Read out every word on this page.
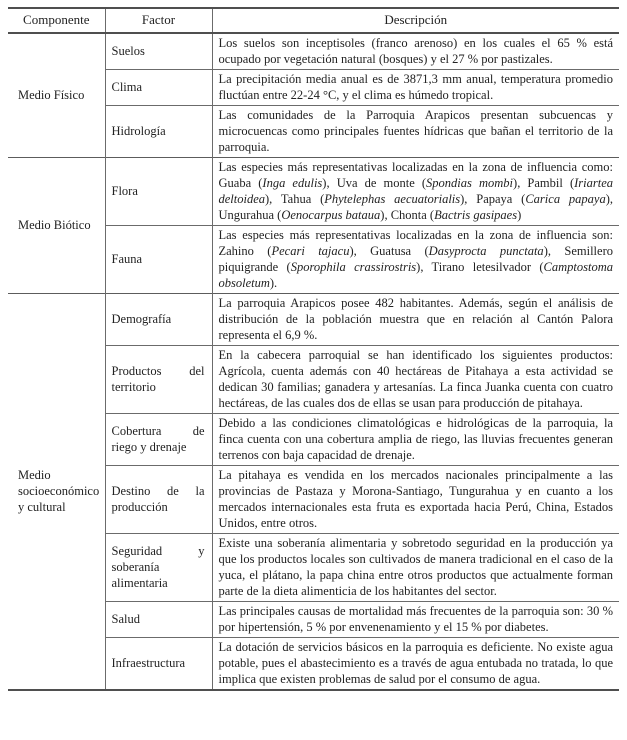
Componente	Factor	Descripción
Medio Físico	Suelos	Los suelos son inceptisoles (franco arenoso) en los cuales el 65 % está ocupado por vegetación natural (bosques) y el 27 % por pastizales.
	Clima	La precipitación media anual es de 3871,3 mm anual, temperatura promedio fluctúan entre 22-24 °C, y el clima es húmedo tropical.
	Hidrología	Las comunidades de la Parroquia Arapicos presentan subcuencas y microcuencas como principales fuentes hídricas que bañan el territorio de la parroquia.
Medio Biótico	Flora	Las especies más representativas localizadas en la zona de influencia como: Guaba (Inga edulis), Uva de monte (Spondias mombi), Pambil (Iriartea deltoidea), Tahua (Phytelephas aecuatorialis), Papaya (Carica papaya), Ungurahua (Oenocarpus bataua), Chonta (Bactris gasipaes)
	Fauna	Las especies más representativas localizadas en la zona de influencia son: Zahino (Pecari tajacu), Guatusa (Dasyprocta punctata), Semillero piquigrande (Sporophila crassirostris), Tirano letesilvador (Camptostoma obsoletum).
Medio socioeconómico y cultural	Demografía	La parroquia Arapicos posee 482 habitantes. Además, según el análisis de distribución de la población muestra que en relación al Cantón Palora representa el 6,9 %.
	Productos del territorio	En la cabecera parroquial se han identificado los siguientes productos: Agrícola, cuenta además con 40 hectáreas de Pitahaya a esta actividad se dedican 30 familias; ganadera y artesanías. La finca Juanka cuenta con cuatro hectáreas, de las cuales dos de ellas se usan para producción de pitahaya.
	Cobertura de riego y drenaje	Debido a las condiciones climatológicas e hidrológicas de la parroquia, la finca cuenta con una cobertura amplia de riego, las lluvias frecuentes generan terrenos con baja capacidad de drenaje.
	Destino de la producción	La pitahaya es vendida en los mercados nacionales principalmente a las provincias de Pastaza y Morona-Santiago, Tungurahua y en cuanto a los mercados internacionales esta fruta es exportada hacia Perú, China, Estados Unidos, entre otros.
	Seguridad y soberanía alimentaria	Existe una soberanía alimentaria y sobretodo seguridad en la producción ya que los productos locales son cultivados de manera tradicional en el caso de la yuca, el plátano, la papa china entre otros productos que actualmente forman parte de la dieta alimenticia de los habitantes del sector.
	Salud	Las principales causas de mortalidad más frecuentes de la parroquia son: 30 % por hipertensión, 5 % por envenenamiento y el 15 % por diabetes.
	Infraestructura	La dotación de servicios básicos en la parroquia es deficiente. No existe agua potable, pues el abastecimiento es a través de agua entubada no tratada, lo que implica que existen problemas de salud por el consumo de agua.
